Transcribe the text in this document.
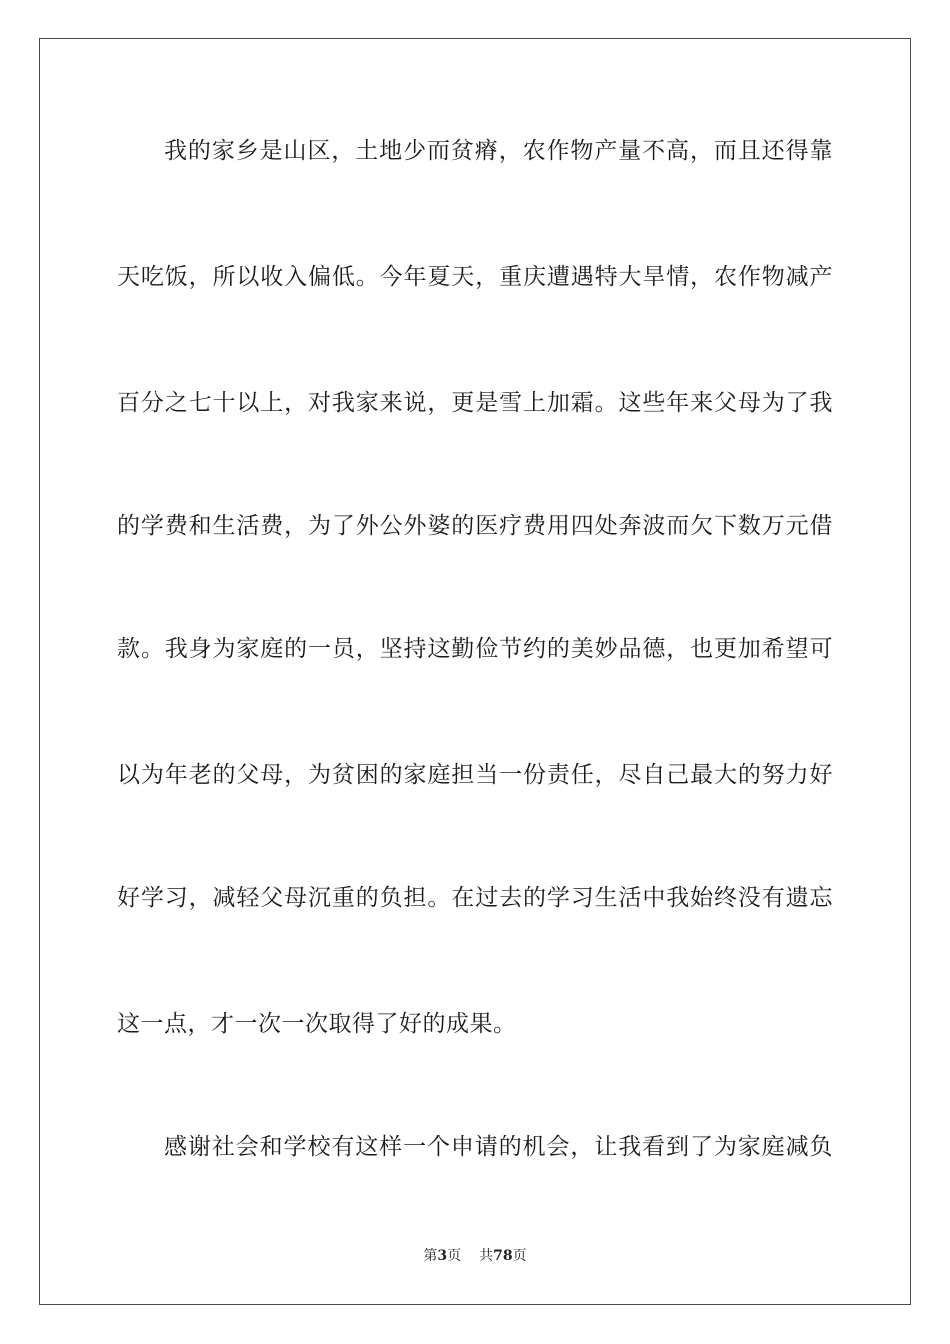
我的家乡是山区，土地少而贫瘠，农作物产量不高，而且还得靠
天吃饭，所以收入偏低。今年夏天，重庆遭遇特大旱情，农作物减产
百分之七十以上，对我家来说，更是雪上加霜。这些年来父母为了我
的学费和生活费，为了外公外婆的医疗费用四处奔波而欠下数万元借
款。我身为家庭的一员，坚持这勤俭节约的美妙品德，也更加希望可
以为年老的父母，为贫困的家庭担当一份责任，尽自己最大的努力好
好学习，减轻父母沉重的负担。在过去的学习生活中我始终没有遗忘
这一点，才一次一次取得了好的成果。
感谢社会和学校有这样一个申请的机会，让我看到了为家庭减负
第3页 共78页
